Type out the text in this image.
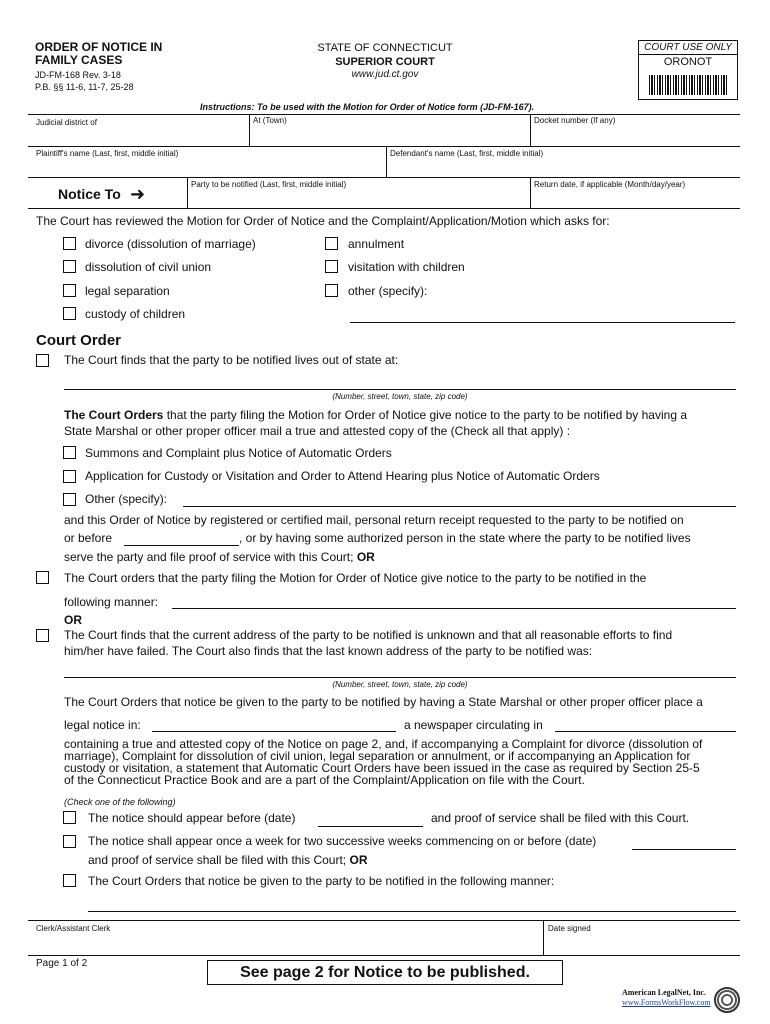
ORDER OF NOTICE IN
FAMILY CASES
JD-FM-168 Rev. 3-18
P.B. §§ 11-6, 11-7, 25-28
STATE OF CONNECTICUT
SUPERIOR COURT
www.jud.ct.gov
COURT USE ONLY
ORONOT
Instructions: To be used with the Motion for Order of Notice form (JD-FM-167).
Judicial district of	At (Town)	Docket number (If any)
Plaintiff's name (Last, first, middle initial)	Defendant's name (Last, first, middle initial)
Notice To ➜	Party to be notified (Last, first, middle initial)	Return date, if applicable (Month/day/year)
The Court has reviewed the Motion for Order of Notice and the Complaint/Application/Motion which asks for:
divorce (dissolution of marriage)	annulment
dissolution of civil union	visitation with children
legal separation	other (specify):
custody of children
Court Order
The Court finds that the party to be notified lives out of state at:
(Number, street, town, state, zip code)
The Court Orders that the party filing the Motion for Order of Notice give notice to the party to be notified by having a
State Marshal or other proper officer mail a true and attested copy of the (Check all that apply) :
Summons and Complaint plus Notice of Automatic Orders
Application for Custody or Visitation and Order to Attend Hearing plus Notice of Automatic Orders
Other (specify):
and this Order of Notice by registered or certified mail, personal return receipt requested to the party to be notified on
or before	, or by having some authorized person in the state where the party to be notified lives
serve the party and file proof of service with this Court; OR
The Court orders that the party filing the Motion for Order of Notice give notice to the party to be notified in the
following manner:
OR
The Court finds that the current address of the party to be notified is unknown and that all reasonable efforts to find
him/her have failed. The Court also finds that the last known address of the party to be notified was:
(Number, street, town, state, zip code)
The Court Orders that notice be given to the party to be notified by having a State Marshal or other proper officer place a
legal notice in:	a newspaper circulating in
containing a true and attested copy of the Notice on page 2, and, if accompanying a Complaint for divorce (dissolution of
marriage), Complaint for dissolution of civil union, legal separation or annulment, or if accompanying an Application for
custody or visitation, a statement that Automatic Court Orders have been issued in the case as required by Section 25-5
of the Connecticut Practice Book and are a part of the Complaint/Application on file with the Court.
(Check one of the following)
The notice should appear before (date)	and proof of service shall be filed with this Court.
The notice shall appear once a week for two successive weeks commencing on or before (date)
and proof of service shall be filed with this Court; OR
The Court Orders that notice be given to the party to be notified in the following manner:
Clerk/Assistant Clerk	Date signed
Page 1 of 2
See page 2 for Notice to be published.
American LegalNet, Inc.
www.FormsWorkFlow.com
